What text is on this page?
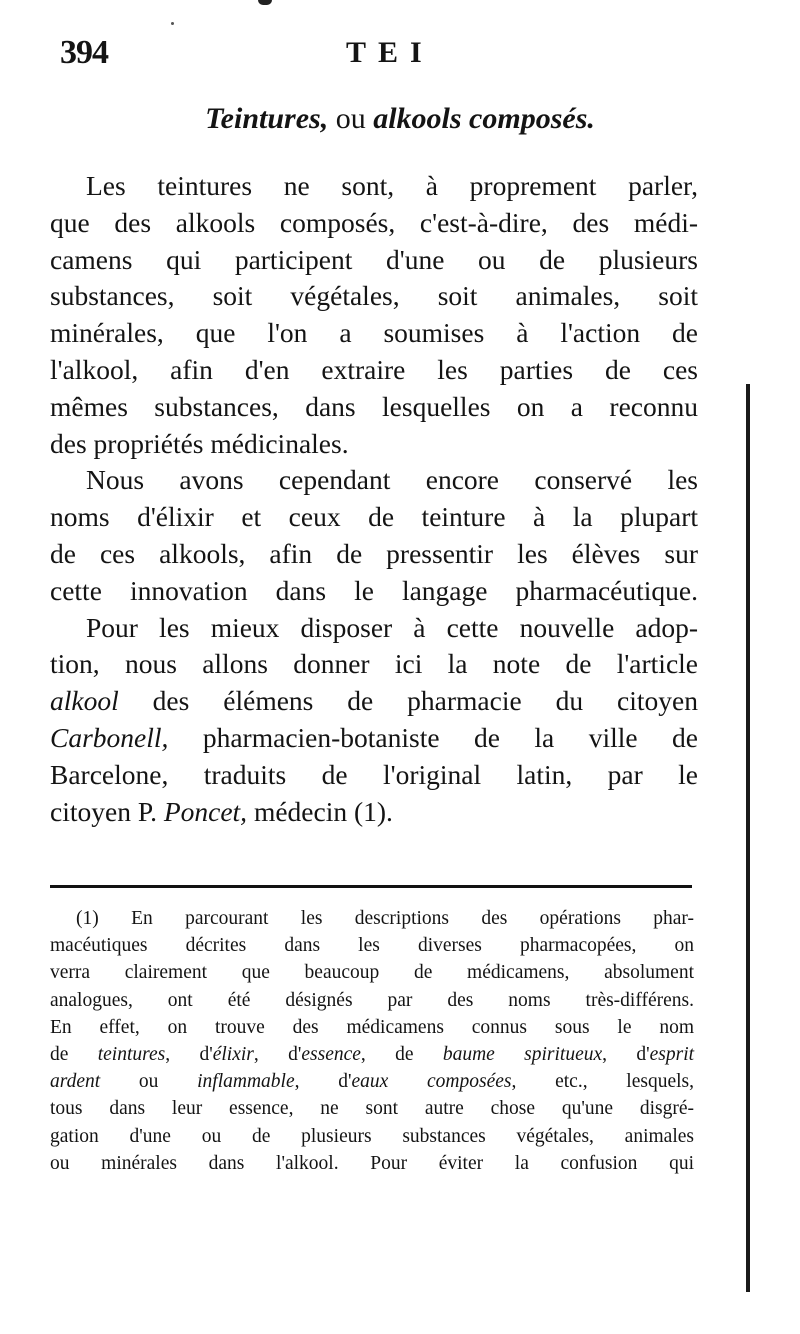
394	TEI
Teintures, ou alkools composés.
Les teintures ne sont, à proprement parler,
que des alkools composés, c'est-à-dire, des médi-
camens qui participent d'une ou de plusieurs
substances, soit végétales, soit animales, soit
minérales, que l'on a soumises à l'action de
l'alkool, afin d'en extraire les parties de ces
mêmes substances, dans lesquelles on a reconnu
des propriétés médicinales.
Nous avons cependant encore conservé les
noms d'élixir et ceux de teinture à la plupart
de ces alkools, afin de pressentir les élèves sur
cette innovation dans le langage pharmacéutique.
Pour les mieux disposer à cette nouvelle adop-
tion, nous allons donner ici la note de l'article
alkool des élémens de pharmacie du citoyen
Carbonell, pharmacien-botaniste de la ville de
Barcelone, traduits de l'original latin, par le
citoyen P. Poncet, médecin (1).
(1) En parcourant les descriptions des opérations phar-
macéutiques décrites dans les diverses pharmacopées, on
verra clairement que beaucoup de médicamens, absolument
analogues, ont été désignés par des noms très-différens.
En effet, on trouve des médicamens connus sous le nom
de teintures, d'élixir, d'essence, de baume spiritueux, d'esprit
ardent ou inflammable, d'eaux composées, etc., lesquels,
tous dans leur essence, ne sont autre chose qu'une disgré-
gation d'une ou de plusieurs substances végétales, animales
ou minérales dans l'alkool. Pour éviter la confusion qui
